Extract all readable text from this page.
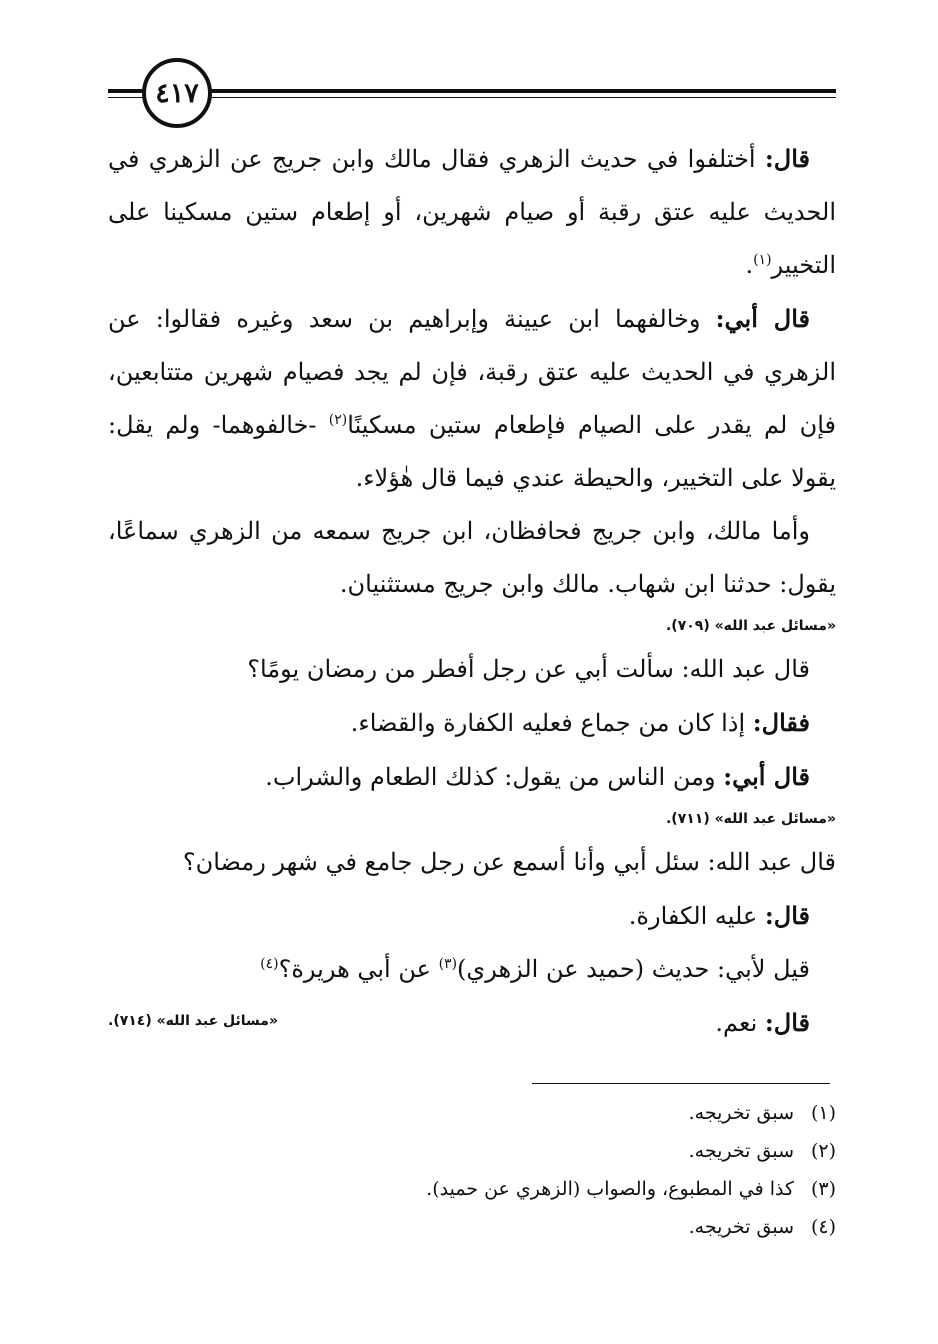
٤١٧

قال: أختلفوا في حديث الزهري فقال مالك وابن جريج عن الزهري في الحديث عليه عتق رقبة أو صيام شهرين، أو إطعام ستين مسكينا على التخيير$^{(١)}$.

قال أبي: وخالفهما ابن عيينة وإبراهيم بن سعد وغيره فقالوا: عن الزهري في الحديث عليه عتق رقبة، فإن لم يجد فصيام شهرين متتابعين، فإن لم يقدر على الصيام فإطعام ستين مسكينًا$^{(٢)}$ -خالفوهما- ولم يقل: يقولا على التخيير، والحيطة عندي فيما قال هٰؤلاء.

وأما مالك، وابن جريج فحافظان، ابن جريج سمعه من الزهري سماعًا، يقول: حدثنا ابن شهاب. مالك وابن جريج مستثنيان.

«مسائل عبد الله» (٧٠٩).

قال عبد الله: سألت أبي عن رجل أفطر من رمضان يومًا؟

فقال: إذا كان من جماع فعليه الكفارة والقضاء.

قال أبي: ومن الناس من يقول: كذلك الطعام والشراب.

«مسائل عبد الله» (٧١١).

قال عبد الله: سئل أبي وأنا أسمع عن رجل جامع في شهر رمضان؟

قال: عليه الكفارة.

قيل لأبي: حديث (حميد عن الزهري)$^{(٣)}$ عن أبي هريرة؟$^{(٤)}$

قال: نعم.
«مسائل عبد الله» (٧١٤).

(١)سبق تخريجه.
(٢)سبق تخريجه.
(٣)كذا في المطبوع، والصواب (الزهري عن حميد).
(٤)سبق تخريجه.
